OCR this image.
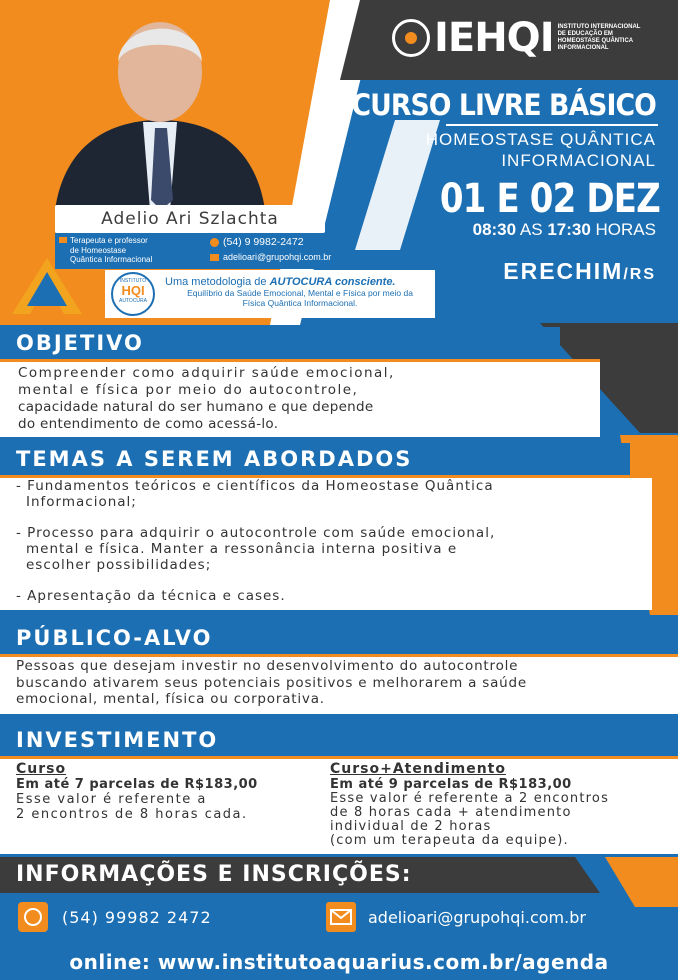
Adelio Ari Szlachta
Terapeuta e professor
de Homeostase
Quântica Informacional
(54) 9 9982-2472
adelioari@grupohqi.com.br
INSTITUTO
HQI
AUTOCURA
Uma metodologia de AUTOCURA consciente.
Equilíbrio da Saúde Emocional, Mental e Física por meio da
Física Quântica Informacional.
IEHQI INSTITUTO INTERNACIONAL
DE EDUCAÇÃO EM
HOMEOSTASE QUÂNTICA
INFORMACIONAL
CURSO LIVRE BÁSICO
HOMEOSTASE QUÂNTICA
INFORMACIONAL
01 E 02 DEZ
08:30 AS 17:30 HORAS
ERECHIM/RS
OBJETIVO
Compreender como adquirir saúde emocional,
mental e física por meio do autocontrole,
capacidade natural do ser humano e que depende
do entendimento de como acessá-lo.
TEMAS A SEREM ABORDADOS
- Fundamentos teóricos e científicos da Homeostase Quântica
Informacional;
- Processo para adquirir o autocontrole com saúde emocional,
mental e física. Manter a ressonância interna positiva e
escolher possibilidades;
- Apresentação da técnica e cases.
PÚBLICO-ALVO
Pessoas que desejam investir no desenvolvimento do autocontrole
buscando ativarem seus potenciais positivos e melhorarem a saúde
emocional, mental, física ou corporativa.
INVESTIMENTO
Curso
Em até 7 parcelas de R$183,00
Esse valor é referente a
2 encontros de 8 horas cada.
Curso+Atendimento
Em até 9 parcelas de R$183,00
Esse valor é referente a 2 encontros
de 8 horas cada + atendimento
individual de 2 horas
(com um terapeuta da equipe).
INFORMAÇÕES E INSCRIÇÕES:
(54) 99982 2472	adelioari@grupohqi.com.br
online: www.institutoaquarius.com.br/agenda
